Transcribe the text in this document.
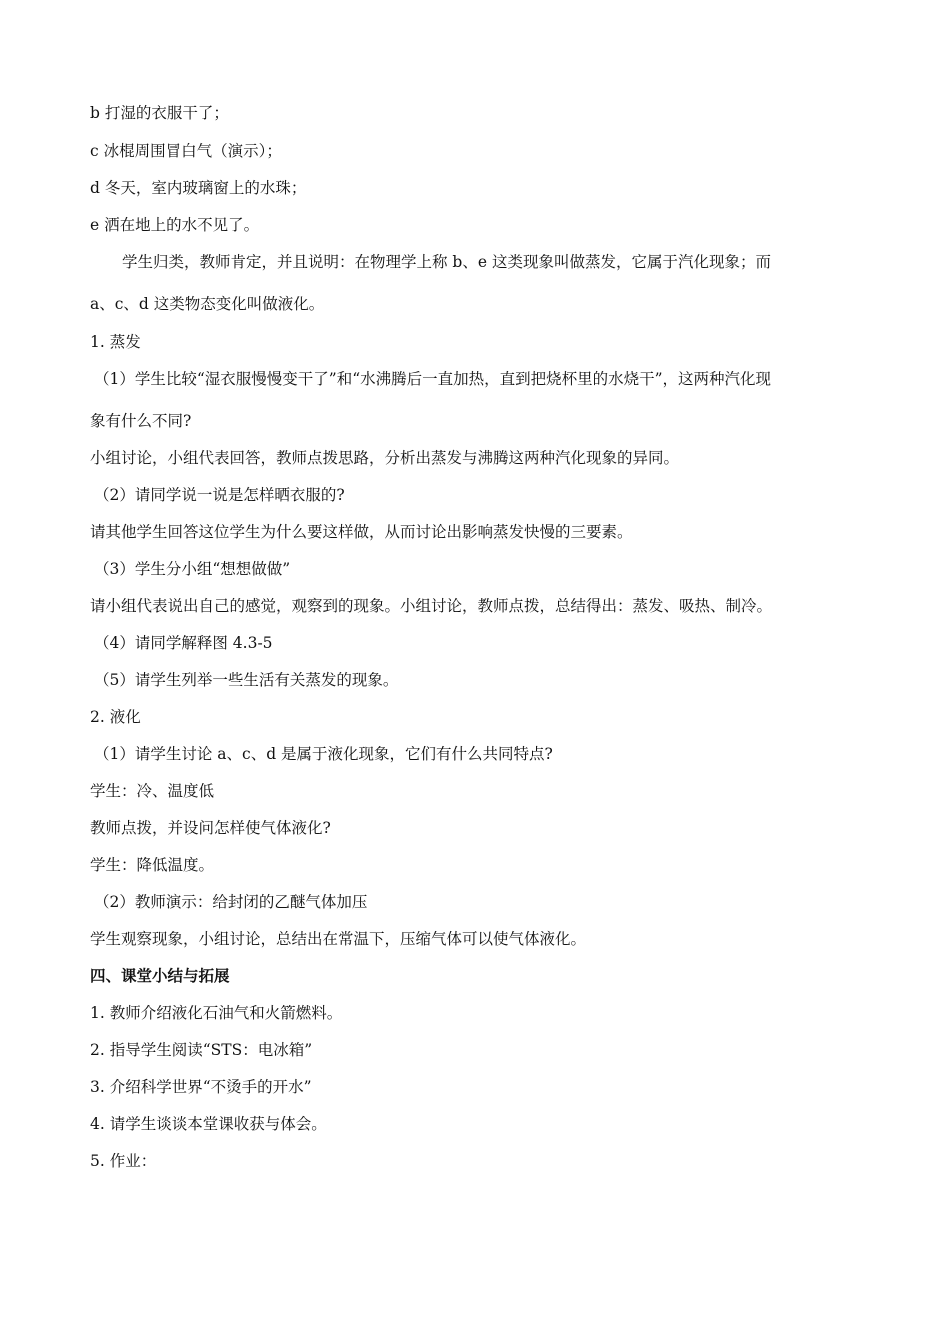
b 打湿的衣服干了；
c 冰棍周围冒白气（演示）；
d 冬天，室内玻璃窗上的水珠；
e 洒在地上的水不见了。
学生归类，教师肯定，并且说明：在物理学上称 b、e 这类现象叫做蒸发，它属于汽化现象；而
a、c、d 这类物态变化叫做液化。
1. 蒸发
（1）学生比较“湿衣服慢慢变干了”和“水沸腾后一直加热，直到把烧杯里的水烧干”，这两种汽化现
象有什么不同?
小组讨论，小组代表回答，教师点拨思路，分析出蒸发与沸腾这两种汽化现象的异同。
（2）请同学说一说是怎样晒衣服的?
请其他学生回答这位学生为什么要这样做，从而讨论出影响蒸发快慢的三要素。
（3）学生分小组“想想做做”
请小组代表说出自己的感觉，观察到的现象。小组讨论，教师点拨，总结得出：蒸发、吸热、制冷。
（4）请同学解释图 4.3-5
（5）请学生列举一些生活有关蒸发的现象。
2. 液化
（1）请学生讨论 a、c、d 是属于液化现象，它们有什么共同特点?
学生：冷、温度低
教师点拨，并设问怎样使气体液化?
学生：降低温度。
（2）教师演示：给封闭的乙醚气体加压
学生观察现象，小组讨论，总结出在常温下，压缩气体可以使气体液化。
四、课堂小结与拓展
1. 教师介绍液化石油气和火箭燃料。
2. 指导学生阅读“STS：电冰箱”
3. 介绍科学世界“不烫手的开水”
4. 请学生谈谈本堂课收获与体会。
5. 作业：
